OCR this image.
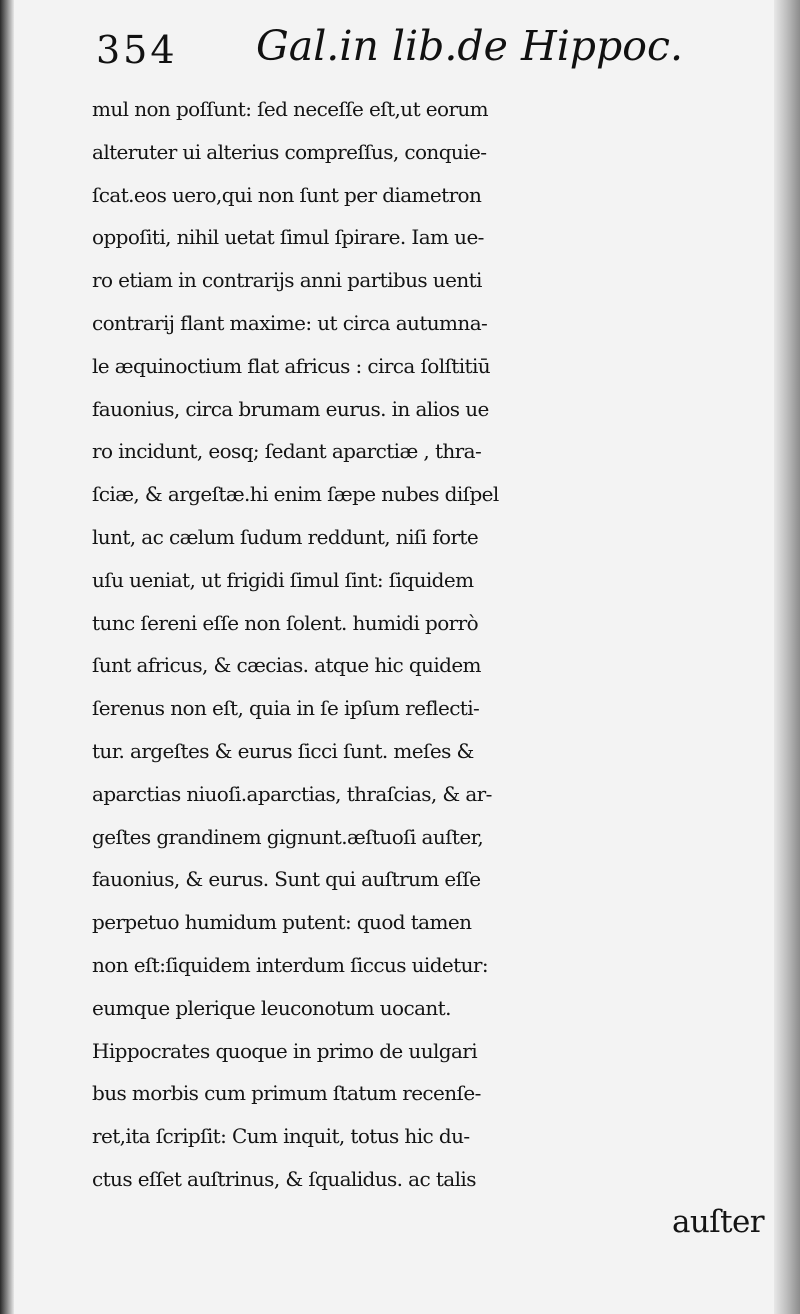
354 Gal.in lib.de Hippoc.
mul non poſſunt: ſed neceſſe eſt,ut eorum
alteruter ui alterius compreſſus, conquie-
ſcat.eos uero,qui non ſunt per diametron
oppoſiti, nihil uetat ſimul ſpirare. Iam ue-
ro etiam in contrarijs anni partibus uenti
contrarij flant maxime: ut circa autumna-
le æquinoctium flat africus : circa ſolſtitiū
fauonius, circa brumam eurus. in alios ue
ro incidunt, eosq; ſedant aparctiæ , thra-
ſciæ, & argeſtæ.hi enim ſæpe nubes diſpel
lunt, ac cælum ſudum reddunt, niſi forte
uſu ueniat, ut frigidi ſimul ſint: ſiquidem
tunc ſereni eſſe non ſolent. humidi porrò
ſunt africus, & cæcias. atque hic quidem
ſerenus non eſt, quia in ſe ipſum reflecti-
tur. argeſtes & eurus ſicci ſunt. meſes &
aparctias niuoſi.aparctias, thraſcias, & ar-
geſtes grandinem gignunt.æſtuoſi auſter,
fauonius, & eurus. Sunt qui auſtrum eſſe
perpetuo humidum putent: quod tamen
non eſt:ſiquidem interdum ſiccus uidetur:
eumque plerique leuconotum uocant.
Hippocrates quoque in primo de uulgari
bus morbis cum primum ſtatum recenſe-
ret,ita ſcripſit: Cum inquit, totus hic du-
ctus eſſet auſtrinus, & ſqualidus. ac talis
auſter
